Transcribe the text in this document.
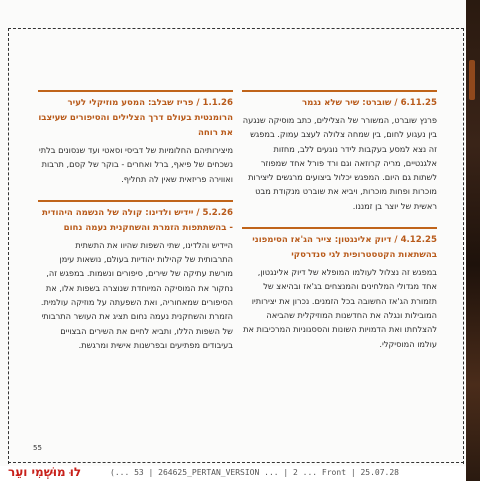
6.11.25 / שוברט: שיר שלא נגמר
פרנץ שוברט, המשורר של הצלילים, כתב מוסיקה שנגעה בין נעגוע לחום, בין שמחה צלולה לעצב עמוק. במפגש זה נצא למסע בעקבות לידר נוגעים ללב, מחזות אלגנטיים, מריה קרוזאה וגם ורד פורל אחד שמפוזר לשתות גם היום. המפגש יכלול ביצועים מרגשים ליצירות מוכרות ופחות מוכרות, ויביא את שוברט מנקודת מבט ראשית של יוצר בן זמננו.
4.12.25 / דיוק אלינגטון: צייר הג'אז הסימפוני בהשתאות הקטסטרופית לגי סנדרסקי
במפגש זה נצלול לעולמו המופלא של דיוק אלינגטון, אחד מגדולי המלחינים והמנצחים בג'אז ובהיאצ של תזמורת הג'אז החשובה בכל הזמנים. נכרון את יצירותיו המובילות ונגלה את החדשנות המוזיקלית שהביאה להצלחתו ואת הדמויות השונות והססגוניות המרכיבות את עולמו המוסיקלי.
1.1.26 / פריז שבלב: המסע מוזיקלי לעיר הרומנטית בעולם דרך הצלילים והסיפורים שעיצבו את רוחה
מיצירותיהם החלומיות של דביסי וסאטי ועד שנסונים בלתי נשכחים של פיאף, ברל ואחרים - בוקר של קסם, תרבות ואווירה פריזאית שאין לה תחליף.
5.2.26 / יידיש ולדינו: קולה של הנשמה היהודית - בהשתתפות הזמרת והשחקנית נעמה נחום
היידיש והלדינו, שתי השפות שהיוו את התשתית התרבותית של קהילות יהודיות בעולם, נושאות עימן מורשת עתיקה של שירים, סיפורים ונשמות. במפגש זה, נחקור את המוסיקה המיוחדת שנוצרה בשפות אלו, את הסיפורים שמאחוריה, ואת השפעתה על מוזיקה עולמית. הזמרת והשחקנית נעמה נחום תציג את העושר התרבותי של השפות הללו, ותביא לחיים את השירים הבצויים בעיבודים מפתיעים ובפרשנות אישית ומרגשת.
55
לוּ מוּשְׁמִי ועֵר	(... 53 | 264625_PERTAN_VERSION ... | 2 ... Front | 25.07.28
